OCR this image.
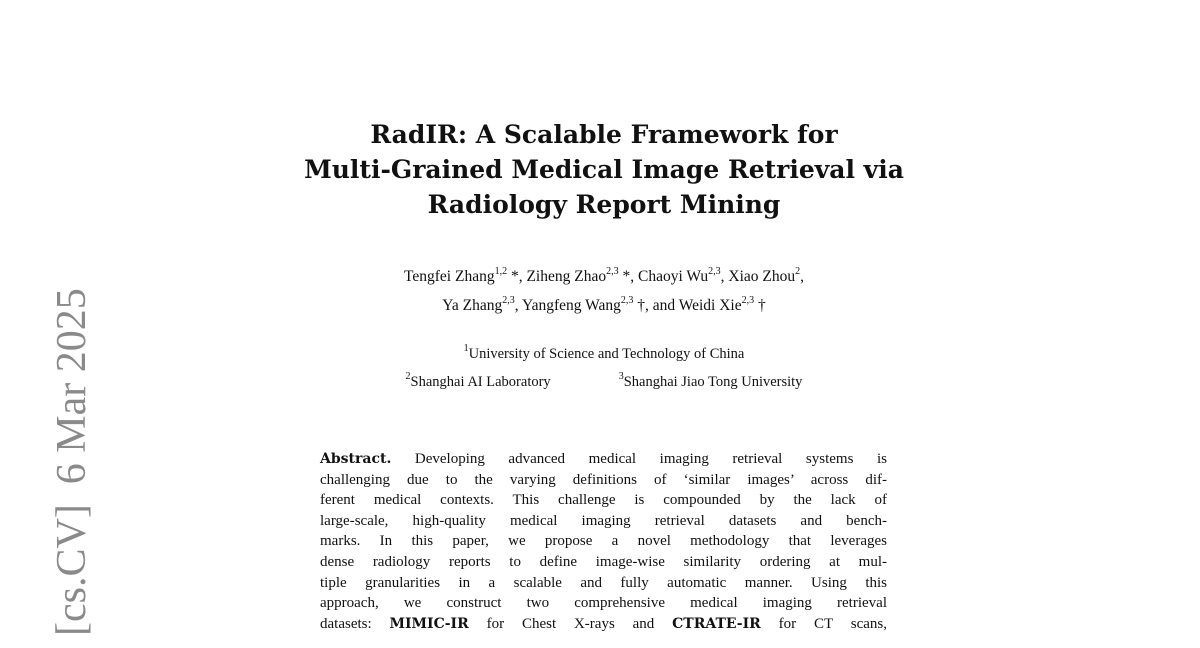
[cs.CV]6 Mar 2025
RadIR: A Scalable Framework for
Multi-Grained Medical Image Retrieval via
Radiology Report Mining
Tengfei Zhang$^{1,2}$ *, Ziheng Zhao$^{2,3}$ *, Chaoyi Wu$^{2,3}$, Xiao Zhou$^2$,
Ya Zhang$^{2,3}$, Yangfeng Wang$^{2,3}$ †, and Weidi Xie$^{2,3}$ †
$^1$University of Science and Technology of China
$^2$Shanghai AI Laboratory	$^3$Shanghai Jiao Tong University
Abstract. Developing advanced medical imaging retrieval systems is
challenging due to the varying definitions of ‘similar images’ across dif-
ferent medical contexts. This challenge is compounded by the lack of
large-scale, high-quality medical imaging retrieval datasets and bench-
marks. In this paper, we propose a novel methodology that leverages
dense radiology reports to define image-wise similarity ordering at mul-
tiple granularities in a scalable and fully automatic manner. Using this
approach, we construct two comprehensive medical imaging retrieval
datasets: MIMIC-IR for Chest X-rays and CTRATE-IR for CT scans,
